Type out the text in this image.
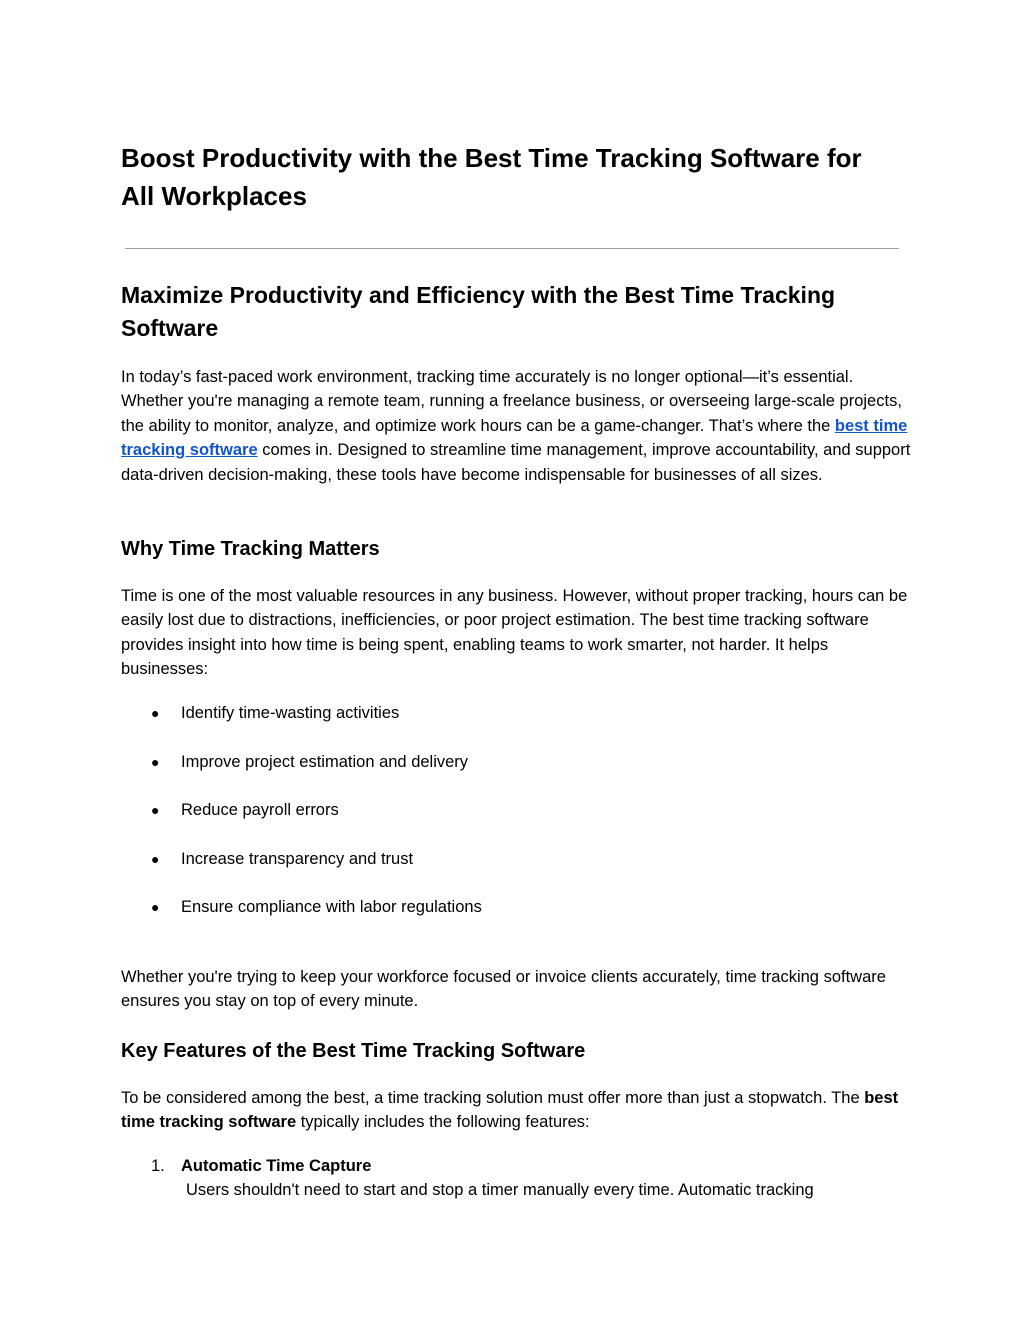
Boost Productivity with the Best Time Tracking Software for All Workplaces
Maximize Productivity and Efficiency with the Best Time Tracking Software

In today’s fast-paced work environment, tracking time accurately is no longer optional—it’s essential. Whether you're managing a remote team, running a freelance business, or overseeing large-scale projects, the ability to monitor, analyze, and optimize work hours can be a game-changer. That’s where the best time tracking software comes in. Designed to streamline time management, improve accountability, and support data-driven decision-making, these tools have become indispensable for businesses of all sizes.

Why Time Tracking Matters

Time is one of the most valuable resources in any business. However, without proper tracking, hours can be easily lost due to distractions, inefficiencies, or poor project estimation. The best time tracking software provides insight into how time is being spent, enabling teams to work smarter, not harder. It helps businesses:

● Identify time-wasting activities
● Improve project estimation and delivery
● Reduce payroll errors
● Increase transparency and trust
● Ensure compliance with labor regulations

Whether you're trying to keep your workforce focused or invoice clients accurately, time tracking software ensures you stay on top of every minute.

Key Features of the Best Time Tracking Software

To be considered among the best, a time tracking solution must offer more than just a stopwatch. The best time tracking software typically includes the following features:

1. Automatic Time Capture
Users shouldn't need to start and stop a timer manually every time. Automatic tracking
